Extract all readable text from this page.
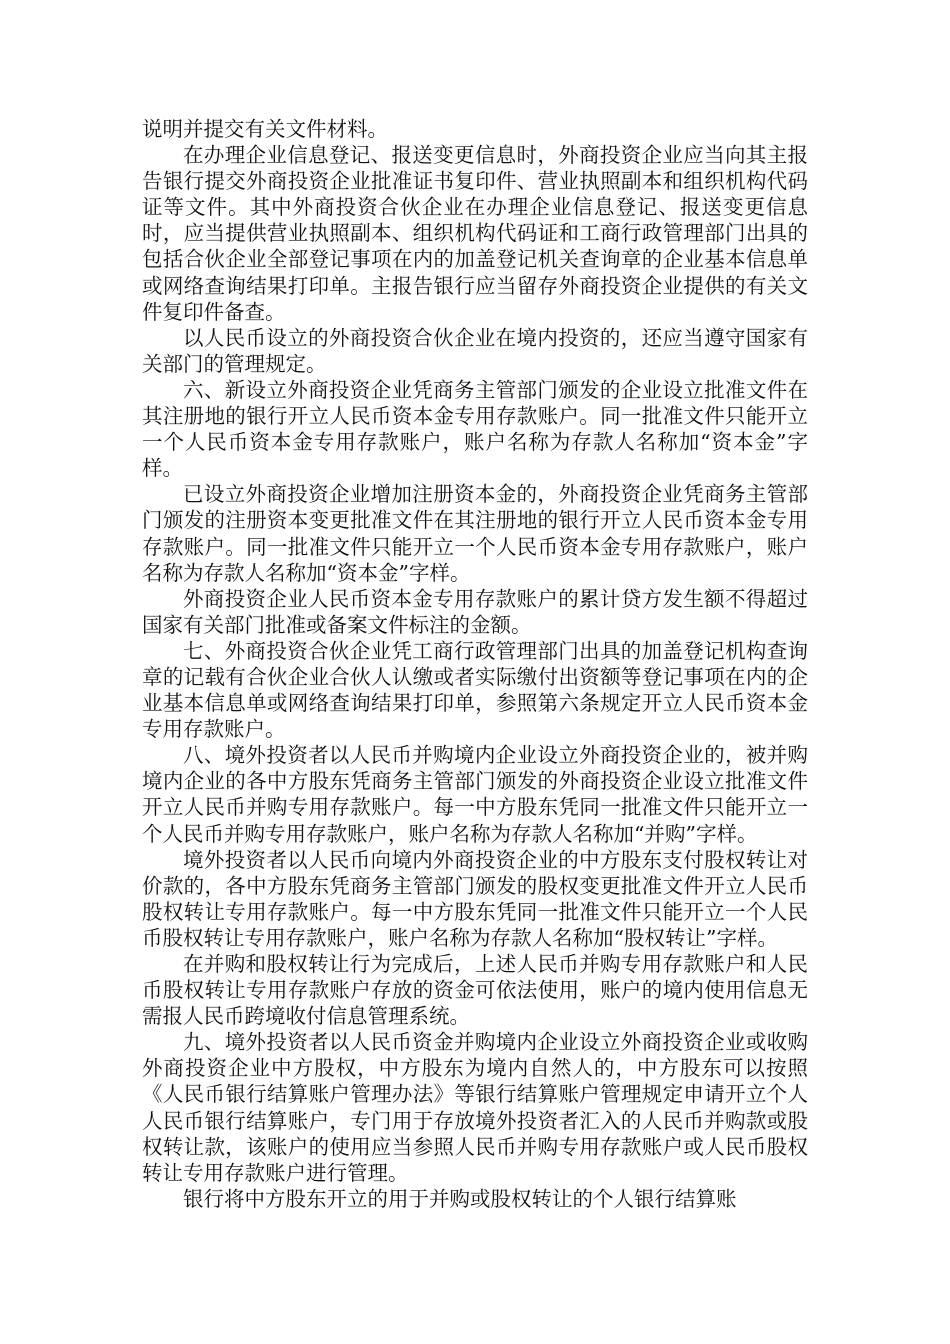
说明并提交有关文件材料。

在办理企业信息登记、报送变更信息时，外商投资企业应当向其主报告银行提交外商投资企业批准证书复印件、营业执照副本和组织机构代码证等文件。其中外商投资合伙企业在办理企业信息登记、报送变更信息时，应当提供营业执照副本、组织机构代码证和工商行政管理部门出具的包括合伙企业全部登记事项在内的加盖登记机关查询章的企业基本信息单或网络查询结果打印单。主报告银行应当留存外商投资企业提供的有关文件复印件备查。

以人民币设立的外商投资合伙企业在境内投资的，还应当遵守国家有关部门的管理规定。

六、新设立外商投资企业凭商务主管部门颁发的企业设立批准文件在其注册地的银行开立人民币资本金专用存款账户。同一批准文件只能开立一个人民币资本金专用存款账户，账户名称为存款人名称加“资本金”字样。

已设立外商投资企业增加注册资本金的，外商投资企业凭商务主管部门颁发的注册资本变更批准文件在其注册地的银行开立人民币资本金专用存款账户。同一批准文件只能开立一个人民币资本金专用存款账户，账户名称为存款人名称加“资本金”字样。

外商投资企业人民币资本金专用存款账户的累计贷方发生额不得超过国家有关部门批准或备案文件标注的金额。

七、外商投资合伙企业凭工商行政管理部门出具的加盖登记机构查询章的记载有合伙企业合伙人认缴或者实际缴付出资额等登记事项在内的企业基本信息单或网络查询结果打印单，参照第六条规定开立人民币资本金专用存款账户。

八、境外投资者以人民币并购境内企业设立外商投资企业的，被并购境内企业的各中方股东凭商务主管部门颁发的外商投资企业设立批准文件开立人民币并购专用存款账户。每一中方股东凭同一批准文件只能开立一个人民币并购专用存款账户，账户名称为存款人名称加“并购”字样。

境外投资者以人民币向境内外商投资企业的中方股东支付股权转让对价款的，各中方股东凭商务主管部门颁发的股权变更批准文件开立人民币股权转让专用存款账户。每一中方股东凭同一批准文件只能开立一个人民币股权转让专用存款账户，账户名称为存款人名称加“股权转让”字样。

在并购和股权转让行为完成后，上述人民币并购专用存款账户和人民币股权转让专用存款账户存放的资金可依法使用，账户的境内使用信息无需报人民币跨境收付信息管理系统。

九、境外投资者以人民币资金并购境内企业设立外商投资企业或收购外商投资企业中方股权，中方股东为境内自然人的，中方股东可以按照《人民币银行结算账户管理办法》等银行结算账户管理规定申请开立个人人民币银行结算账户，专门用于存放境外投资者汇入的人民币并购款或股权转让款，该账户的使用应当参照人民币并购专用存款账户或人民币股权转让专用存款账户进行管理。

银行将中方股东开立的用于并购或股权转让的个人银行结算账
